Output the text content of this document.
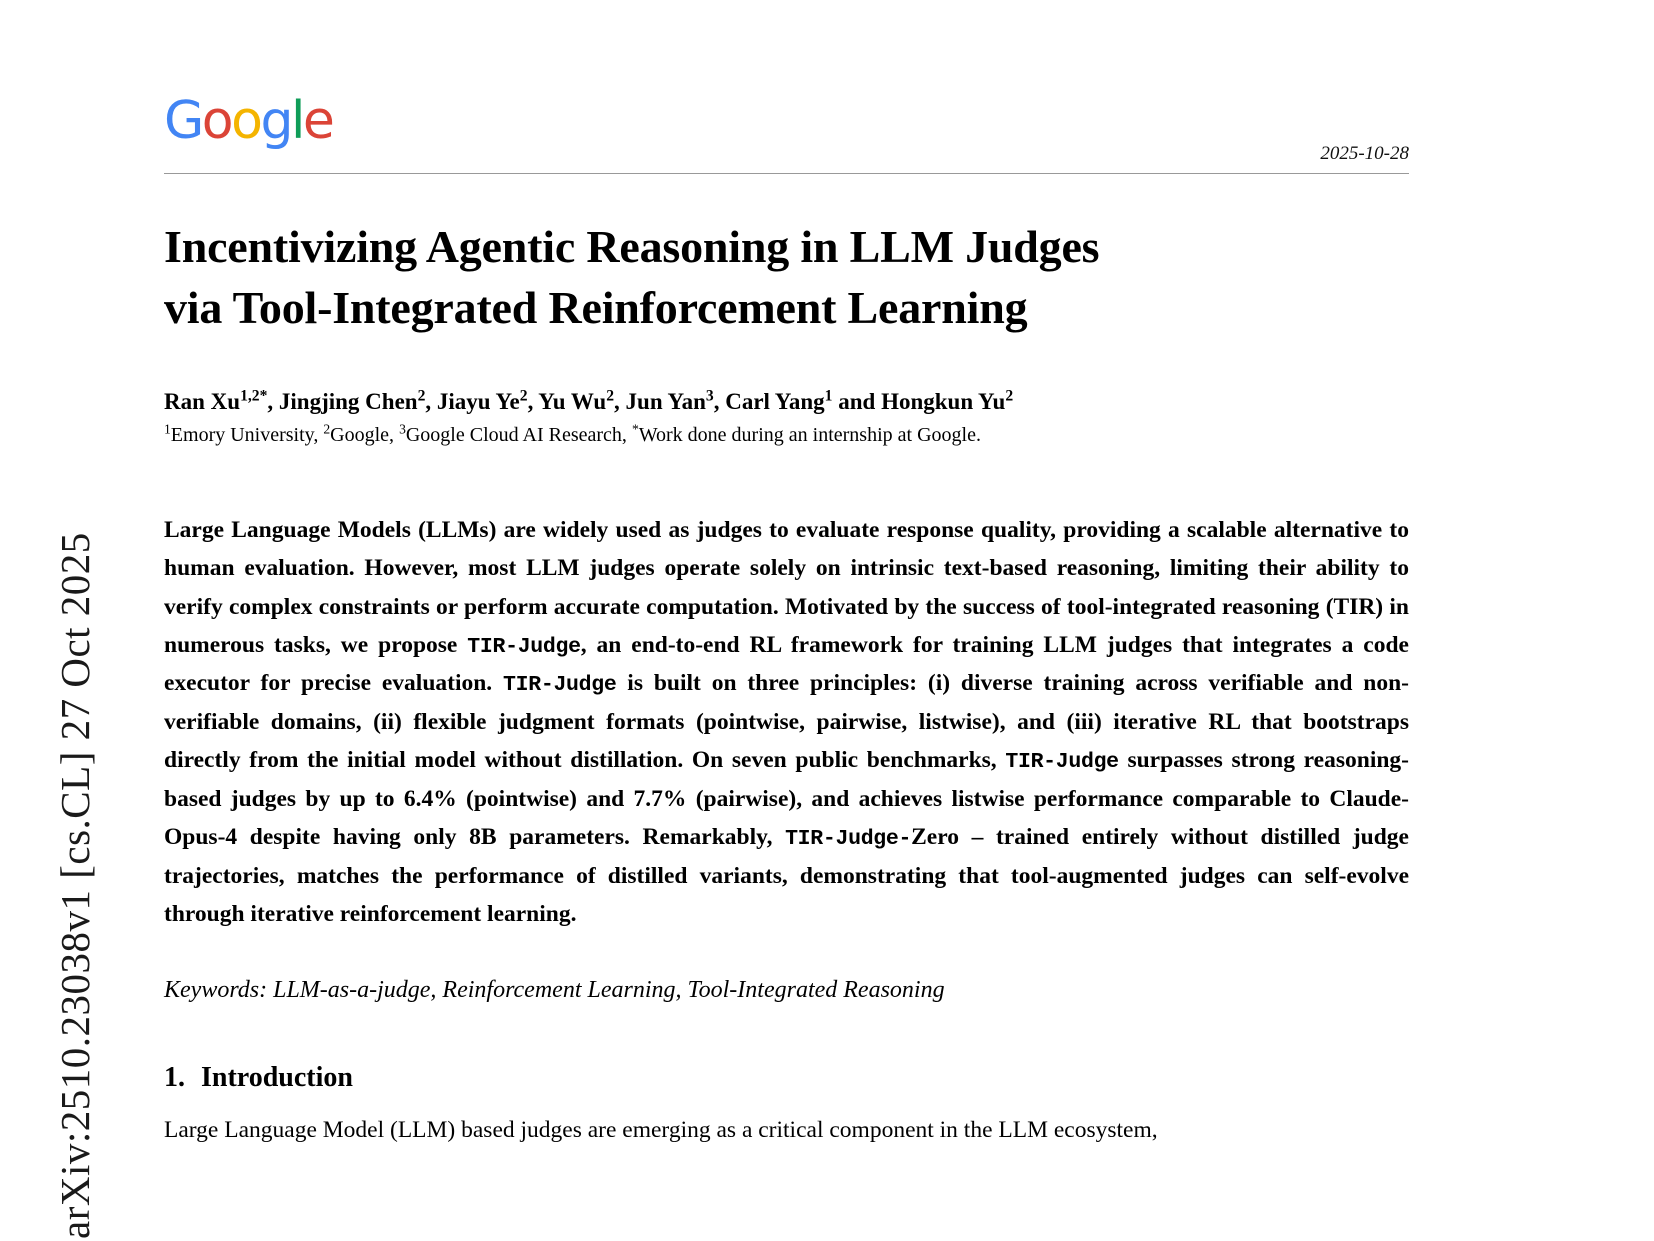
arXiv:2510.23038v1 [cs.CL] 27 Oct 2025
Google
2025-10-28
Incentivizing Agentic Reasoning in LLM Judges
via Tool-Integrated Reinforcement Learning
Ran $Xu^{1,2*}$, Jingjing Chen$^2$, Jiayu Ye$^2$, Yu Wu$^2$, Jun Yan$^3$, Carl Yang$^1$ and Hongkun Yu$^2$
$^1$Emory University, $^2$Google, $^3$Google Cloud AI Research, *Work done during an internship at Google.
Large Language Models (LLMs) are widely used as judges to evaluate response quality, providing a scalable alternative to human evaluation. However, most LLM judges operate solely on intrinsic text-based reasoning, limiting their ability to verify complex constraints or perform accurate computation. Motivated by the success of tool-integrated reasoning (TIR) in numerous tasks, we propose TIR-Judge, an end-to-end RL framework for training LLM judges that integrates a code executor for precise evaluation. TIR-Judge is built on three principles: (i) diverse training across verifiable and non-verifiable domains, (ii) flexible judgment formats (pointwise, pairwise, listwise), and (iii) iterative RL that bootstraps directly from the initial model without distillation. On seven public benchmarks, TIR-Judge surpasses strong reasoning-based judges by up to 6.4% (pointwise) and 7.7% (pairwise), and achieves listwise performance comparable to Claude-Opus-4 despite having only 8B parameters. Remarkably, TIR-Judge-Zero – trained entirely without distilled judge trajectories, matches the performance of distilled variants, demonstrating that tool-augmented judges can self-evolve through iterative reinforcement learning.
Keywords: LLM-as-a-judge, Reinforcement Learning, Tool-Integrated Reasoning
1. Introduction
Large Language Model (LLM) based judges are emerging as a critical component in the LLM ecosystem,
